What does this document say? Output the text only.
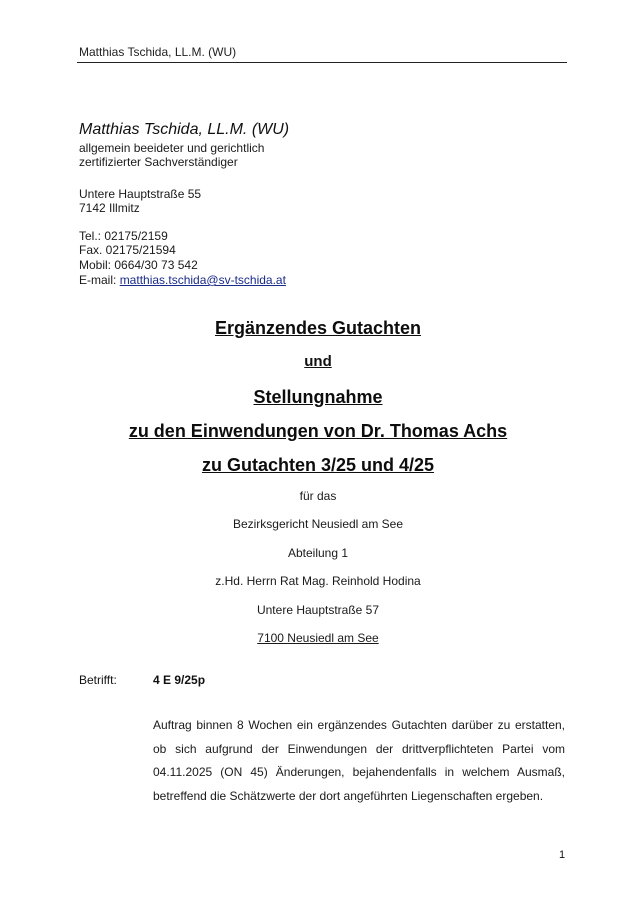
Matthias Tschida, LL.M. (WU)
Matthias Tschida, LL.M. (WU)
allgemein beeideter und gerichtlich
zertifizierter Sachverständiger
Untere Hauptstraße 55
7142 Illmitz
Tel.: 02175/2159
Fax. 02175/21594
Mobil: 0664/30 73 542
E-mail: matthias.tschida@sv-tschida.at
Ergänzendes Gutachten
und
Stellungnahme
zu den Einwendungen von Dr. Thomas Achs
zu Gutachten 3/25 und 4/25
für das
Bezirksgericht Neusiedl am See
Abteilung 1
z.Hd. Herrn Rat Mag. Reinhold Hodina
Untere Hauptstraße 57
7100 Neusiedl am See
Betrifft:	4 E 9/25p
Auftrag binnen 8 Wochen ein ergänzendes Gutachten darüber zu erstatten, ob sich aufgrund der Einwendungen der drittverpflichteten Partei vom 04.11.2025 (ON 45) Änderungen, bejahendenfalls in welchem Ausmaß, betreffend die Schätzwerte der dort angeführten Liegenschaften ergeben.
1
